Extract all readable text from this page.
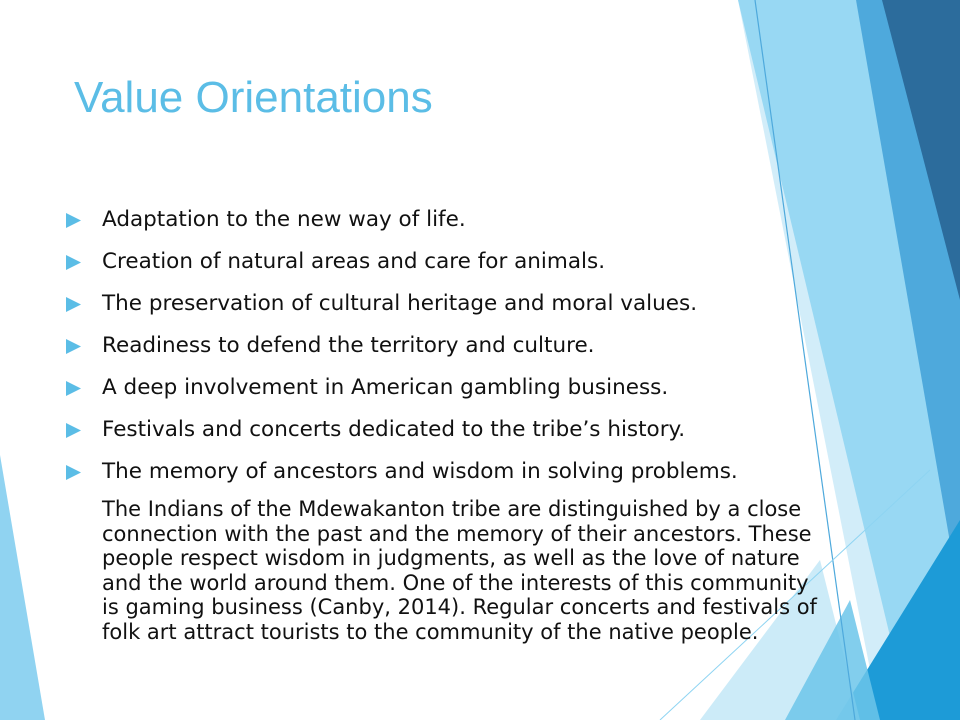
Value Orientations
Adaptation to the new way of life.
Creation of natural areas and care for animals.
The preservation of cultural heritage and moral values.
Readiness to defend the territory and culture.
A deep involvement in American gambling business.
Festivals and concerts dedicated to the tribe’s history.
The memory of ancestors and wisdom in solving problems.

The Indians of the Mdewakanton tribe are distinguished by a close connection with the past and the memory of their ancestors. These people respect wisdom in judgments, as well as the love of nature and the world around them. One of the interests of this community is gaming business (Canby, 2014). Regular concerts and festivals of folk art attract tourists to the community of the native people.
